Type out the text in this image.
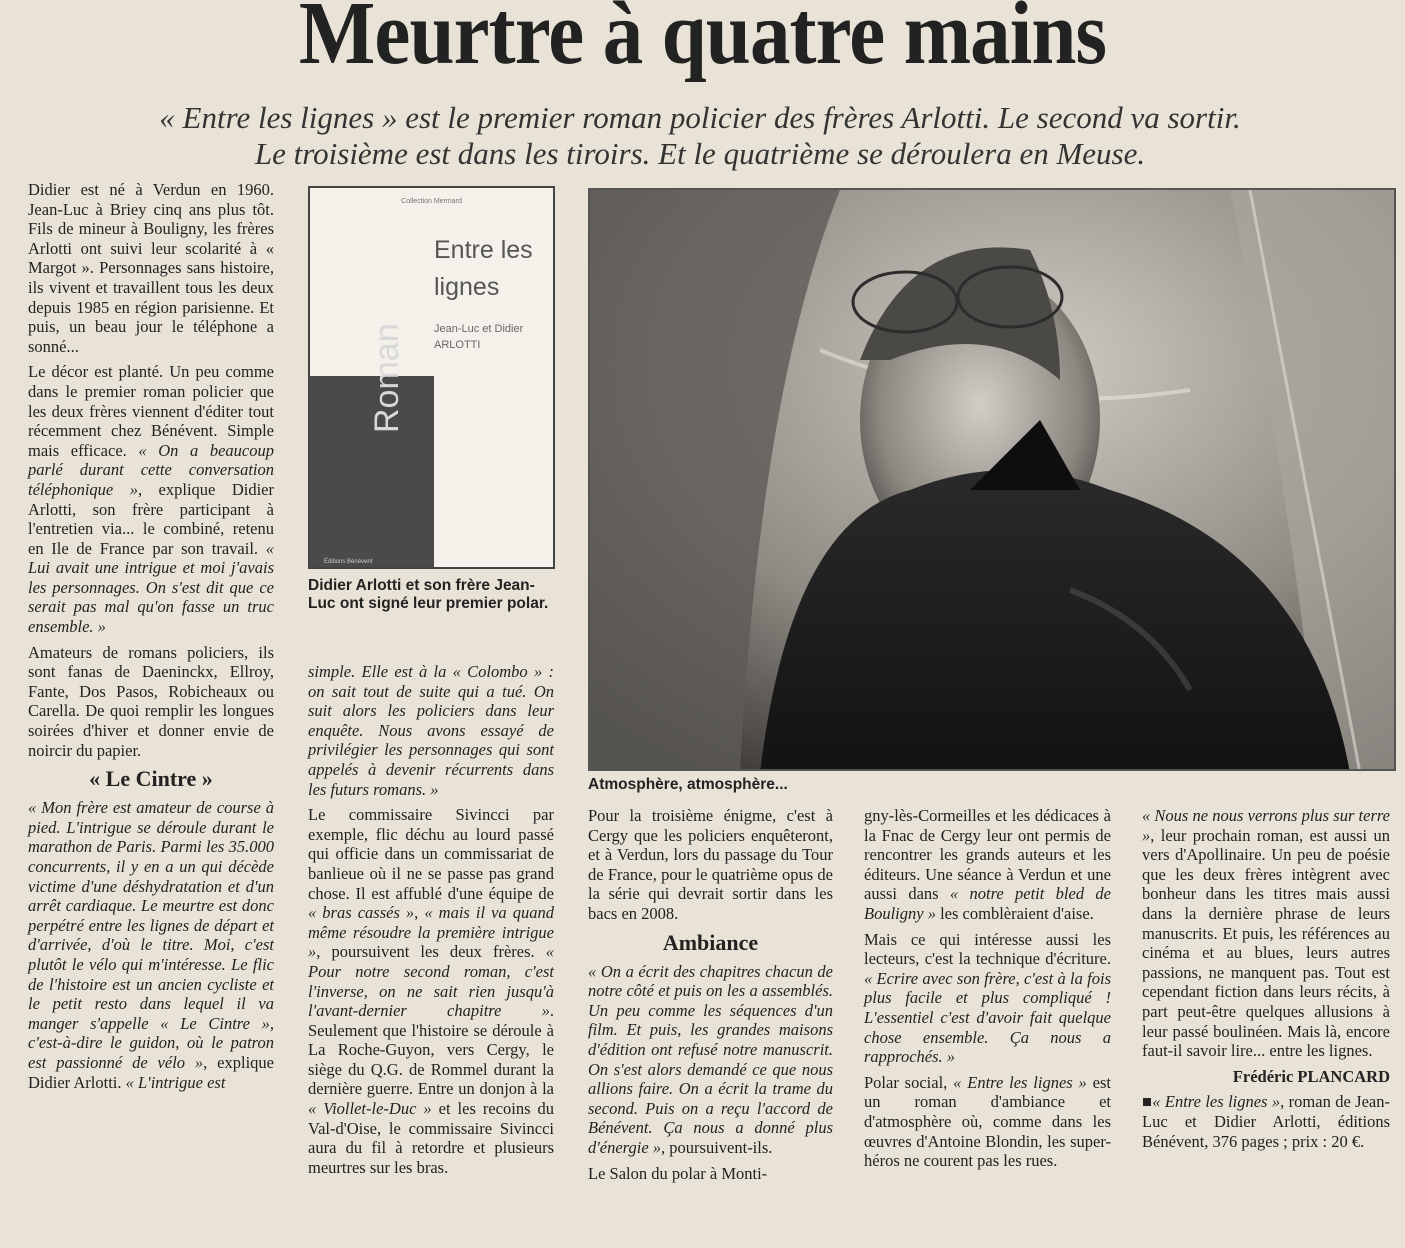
Meurtre à quatre mains
« Entre les lignes » est le premier roman policier des frères Arlotti. Le second va sortir.
Le troisième est dans les tiroirs. Et le quatrième se déroulera en Meuse.

Didier est né à Verdun en 1960. Jean-Luc à Briey cinq ans plus tôt. Fils de mineur à Bouligny, les frères Arlotti ont suivi leur scolarité à « Margot ». Personnages sans histoire, ils vivent et travaillent tous les deux depuis 1985 en région parisienne. Et puis, un beau jour le téléphone a sonné...

Le décor est planté. Un peu comme dans le premier roman policier que les deux frères viennent d'éditer tout récemment chez Bénévent. Simple mais efficace. « On a beaucoup parlé durant cette conversation téléphonique », explique Didier Arlotti, son frère participant à l'entretien via... le combiné, retenu en Ile de France par son travail. « Lui avait une intrigue et moi j'avais les personnages. On s'est dit que ce serait pas mal qu'on fasse un truc ensemble. »

Amateurs de romans policiers, ils sont fanas de Daeninckx, Ellroy, Fante, Dos Pasos, Robicheaux ou Carella. De quoi remplir les longues soirées d'hiver et donner envie de noircir du papier.

« Le Cintre »

« Mon frère est amateur de course à pied. L'intrigue se déroule durant le marathon de Paris. Parmi les 35.000 concurrents, il y en a un qui décède victime d'une déshydratation et d'un arrêt cardiaque. Le meurtre est donc perpétré entre les lignes de départ et d'arrivée, d'où le titre. Moi, c'est plutôt le vélo qui m'intéresse. Le flic de l'histoire est un ancien cycliste et le petit resto dans lequel il va manger s'appelle « Le Cintre », c'est-à-dire le guidon, où le patron est passionné de vélo », explique Didier Arlotti. « L'intrigue est

Collection Mermard
Entre les
lignes
Jean-Luc et Didier
ARLOTTI
Roman
Éditions Bénévent
Didier Arlotti et son frère Jean-Luc ont signé leur premier polar.

simple. Elle est à la « Colombo » : on sait tout de suite qui a tué. On suit alors les policiers dans leur enquête. Nous avons essayé de privilégier les personnages qui sont appelés à devenir récurrents dans les futurs romans. »

Le commissaire Sivincci par exemple, flic déchu au lourd passé qui officie dans un commissariat de banlieue où il ne se passe pas grand chose. Il est affublé d'une équipe de « bras cassés », « mais il va quand même résoudre la première intrigue », poursuivent les deux frères. « Pour notre second roman, c'est l'inverse, on ne sait rien jusqu'à l'avant-dernier chapitre ». Seulement que l'histoire se déroule à La Roche-Guyon, vers Cergy, le siège du Q.G. de Rommel durant la dernière guerre. Entre un donjon à la « Viollet-le-Duc » et les recoins du Val-d'Oise, le commissaire Sivincci aura du fil à retordre et plusieurs meurtres sur les bras.

Atmosphère, atmosphère...

Pour la troisième énigme, c'est à Cergy que les policiers enquêteront, et à Verdun, lors du passage du Tour de France, pour le quatrième opus de la série qui devrait sortir dans les bacs en 2008.

Ambiance

« On a écrit des chapitres chacun de notre côté et puis on les a assemblés. Un peu comme les séquences d'un film. Et puis, les grandes maisons d'édition ont refusé notre manuscrit. On s'est alors demandé ce que nous allions faire. On a écrit la trame du second. Puis on a reçu l'accord de Bénévent. Ça nous a donné plus d'énergie », poursuivent-ils.

Le Salon du polar à Monti-

gny-lès-Cormeilles et les dédicaces à la Fnac de Cergy leur ont permis de rencontrer les grands auteurs et les éditeurs. Une séance à Verdun et une aussi dans « notre petit bled de Bouligny » les comblèraient d'aise.

Mais ce qui intéresse aussi les lecteurs, c'est la technique d'écriture. « Ecrire avec son frère, c'est à la fois plus facile et plus compliqué ! L'essentiel c'est d'avoir fait quelque chose ensemble. Ça nous a rapprochés. »

Polar social, « Entre les lignes » est un roman d'ambiance et d'atmosphère où, comme dans les œuvres d'Antoine Blondin, les super-héros ne courent pas les rues.

« Nous ne nous verrons plus sur terre », leur prochain roman, est aussi un vers d'Apollinaire. Un peu de poésie que les deux frères intègrent avec bonheur dans les titres mais aussi dans la dernière phrase de leurs manuscrits. Et puis, les références au cinéma et au blues, leurs autres passions, ne manquent pas. Tout est cependant fiction dans leurs récits, à part peut-être quelques allusions à leur passé boulinéen. Mais là, encore faut-il savoir lire... entre les lignes.

Frédéric PLANCARD

■« Entre les lignes », roman de Jean-Luc et Didier Arlotti, éditions Bénévent, 376 pages ; prix : 20 €.
